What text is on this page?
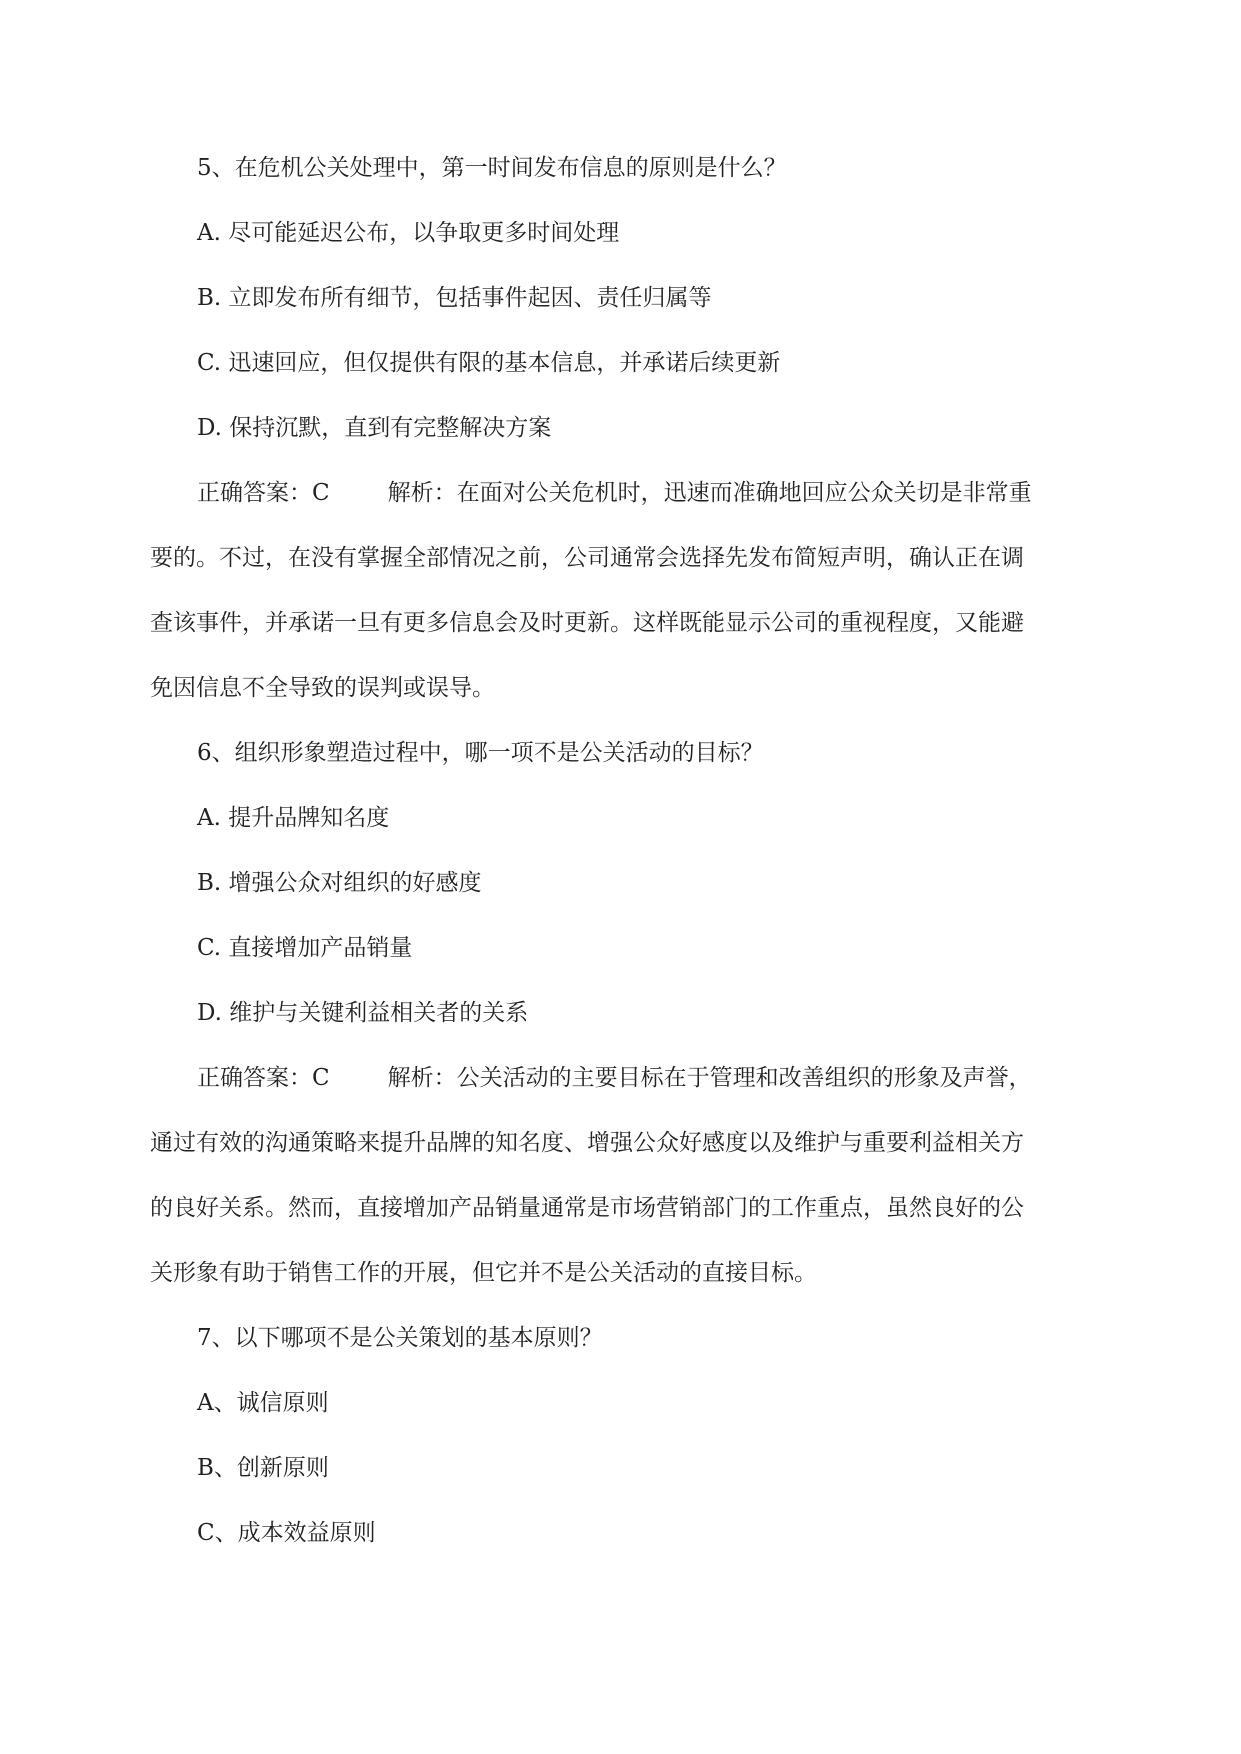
5、在危机公关处理中，第一时间发布信息的原则是什么？
A. 尽可能延迟公布，以争取更多时间处理
B. 立即发布所有细节，包括事件起因、责任归属等
C. 迅速回应，但仅提供有限的基本信息，并承诺后续更新
D. 保持沉默，直到有完整解决方案
正确答案：C	解析：在面对公关危机时，迅速而准确地回应公众关切是非常重
要的。不过，在没有掌握全部情况之前，公司通常会选择先发布简短声明，确认正在调
查该事件，并承诺一旦有更多信息会及时更新。这样既能显示公司的重视程度，又能避
免因信息不全导致的误判或误导。
6、组织形象塑造过程中，哪一项不是公关活动的目标？
A. 提升品牌知名度
B. 增强公众对组织的好感度
C. 直接增加产品销量
D. 维护与关键利益相关者的关系
正确答案：C	解析：公关活动的主要目标在于管理和改善组织的形象及声誉，
通过有效的沟通策略来提升品牌的知名度、增强公众好感度以及维护与重要利益相关方
的良好关系。然而，直接增加产品销量通常是市场营销部门的工作重点，虽然良好的公
关形象有助于销售工作的开展，但它并不是公关活动的直接目标。
7、以下哪项不是公关策划的基本原则？
A、诚信原则
B、创新原则
C、成本效益原则
